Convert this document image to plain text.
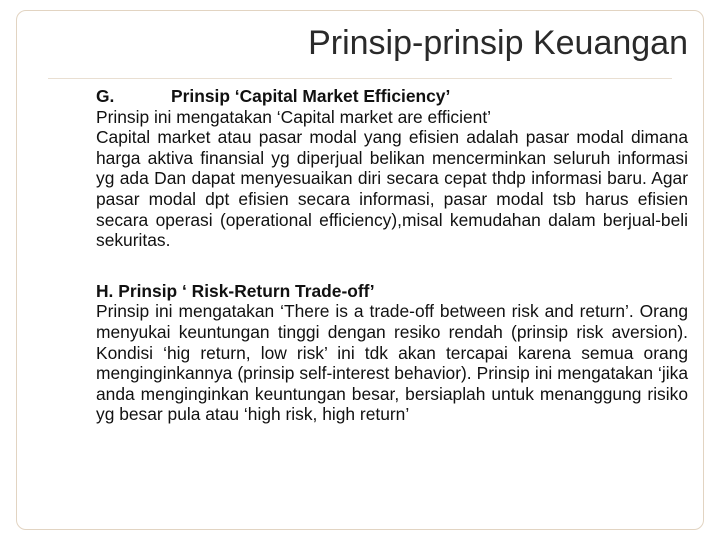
Prinsip-prinsip Keuangan

G.	Prinsip ‘Capital Market Efficiency’

Prinsip ini mengatakan ‘Capital market are efficient’

Capital market atau pasar modal yang efisien adalah pasar modal dimana harga aktiva finansial yg diperjual belikan mencerminkan seluruh informasi yg ada Dan dapat menyesuaikan diri secara cepat thdp informasi baru. Agar pasar modal dpt efisien secara informasi, pasar modal tsb harus efisien secara operasi (operational efficiency),misal kemudahan dalam berjual-beli sekuritas.

H. Prinsip ‘ Risk-Return Trade-off’

Prinsip ini mengatakan ‘There is a trade-off between risk and return’. Orang menyukai keuntungan tinggi dengan resiko rendah (prinsip risk aversion). Kondisi ‘hig return, low risk’ ini tdk akan tercapai karena semua orang menginginkannya (prinsip self-interest behavior). Prinsip ini mengatakan ‘jika anda menginginkan keuntungan besar, bersiaplah untuk menanggung risiko yg besar pula atau ‘high risk, high return’
